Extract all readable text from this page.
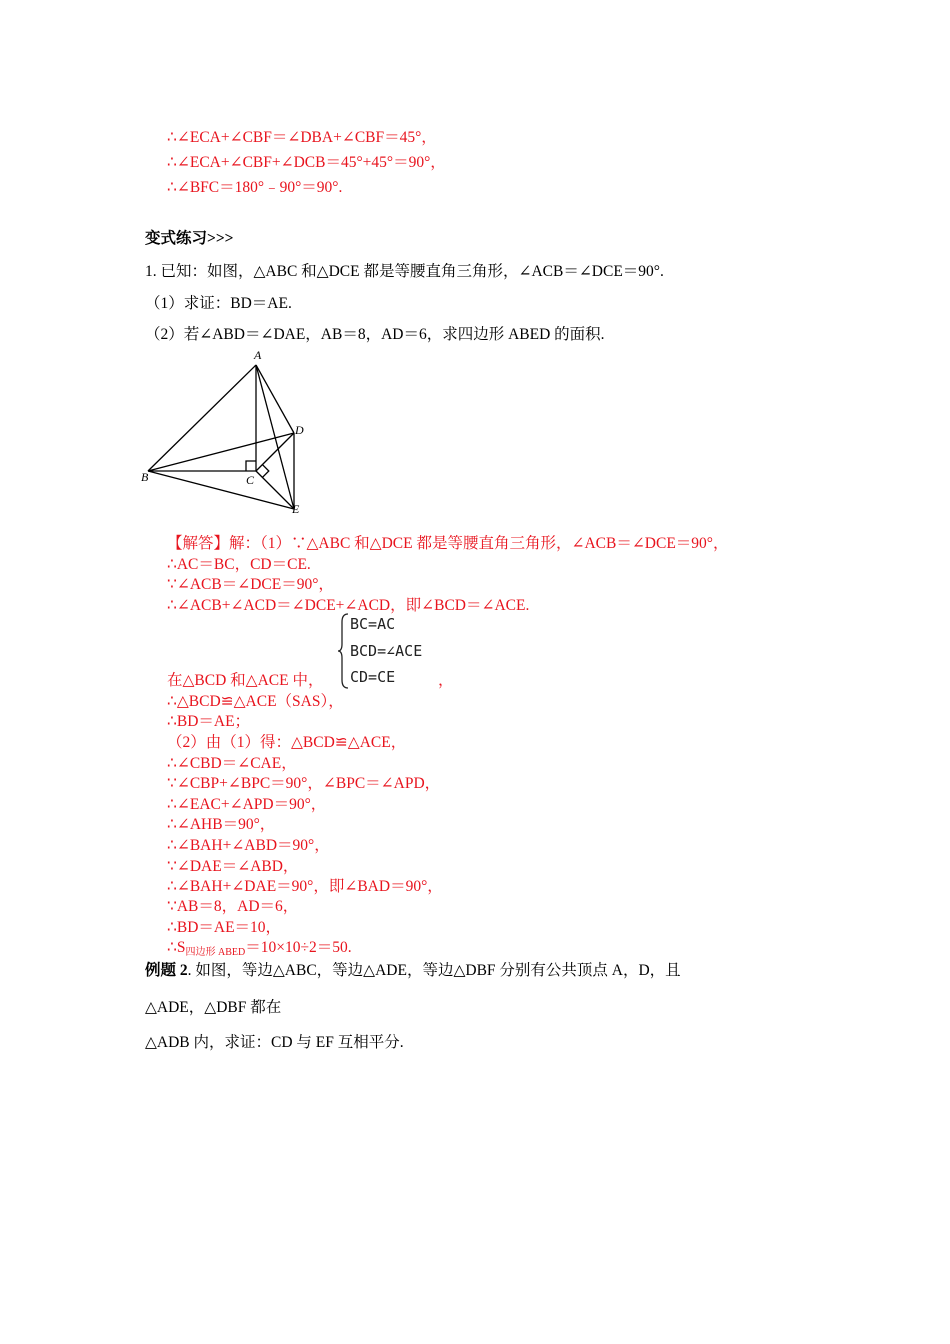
∴∠ECA+∠CBF＝∠DBA+∠CBF＝45°，
∴∠ECA+∠CBF+∠DCB＝45°+45°＝90°，
∴∠BFC＝180°﹣90°＝90°.
变式练习>>>
1. 已知：如图，△ABC 和△DCE 都是等腰直角三角形，∠ACB＝∠DCE＝90°.
（1）求证：BD＝AE.
（2）若∠ABD＝∠DAE，AB＝8，AD＝6，求四边形 ABED 的面积.
A
B	C
D
E
【解答】解：（1）∵△ABC 和△DCE 都是等腰直角三角形，∠ACB＝∠DCE＝90°，
∴AC＝BC，CD＝CE.
∵∠ACB＝∠DCE＝90°，
∴∠ACB+∠ACD＝∠DCE+∠ACD，即∠BCD＝∠ACE.
BC=AC
BCD=∠ACE
CD=CE
在△BCD 和△ACE 中，	，
∴△BCD≌△ACE（SAS），
∴BD＝AE；
（2）由（1）得：△BCD≌△ACE，
∴∠CBD＝∠CAE，
∵∠CBP+∠BPC＝90°，∠BPC＝∠APD，
∴∠EAC+∠APD＝90°，
∴∠AHB＝90°，
∴∠BAH+∠ABD＝90°，
∵∠DAE＝∠ABD，
∴∠BAH+∠DAE＝90°，即∠BAD＝90°，
∵AB＝8，AD＝6，
∴BD＝AE＝10，
∴S四边形 ABED＝10×10÷2＝50.
例题 2. 如图，等边△ABC，等边△ADE，等边△DBF 分别有公共顶点 A，D，且
△ADE，△DBF 都在
△ADB 内，求证：CD 与 EF 互相平分.
